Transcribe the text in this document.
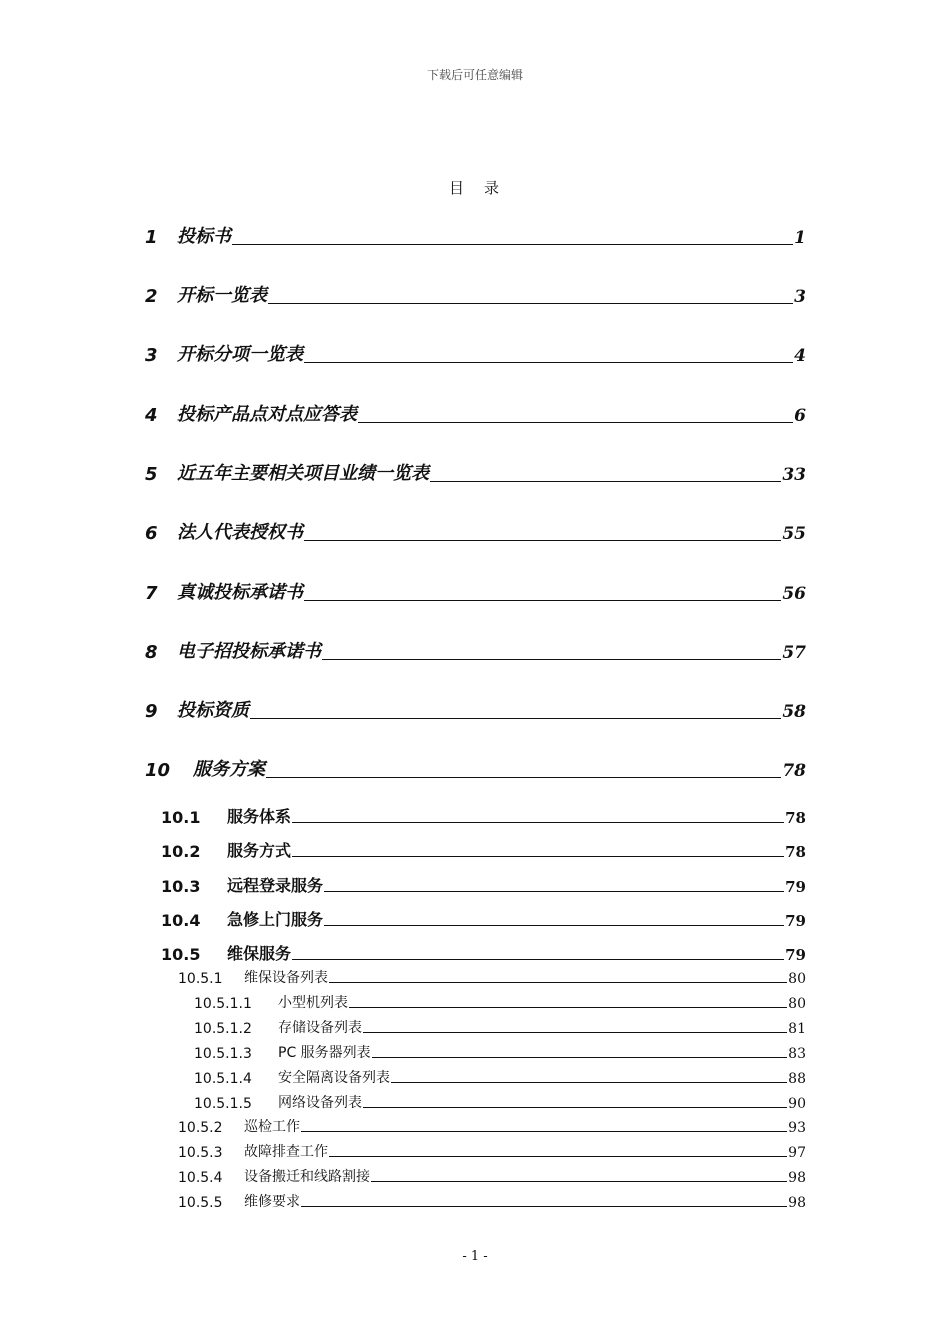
下载后可任意编辑
目 录
1	投标书	1
2	开标一览表	3
3	开标分项一览表	4
4	投标产品点对点应答表	6
5	近五年主要相关项目业绩一览表	33
6	法人代表授权书	55
7	真诚投标承诺书	56
8	电子招投标承诺书	57
9	投标资质	58
10	服务方案	78
10.1	服务体系	78
10.2	服务方式	78
10.3	远程登录服务	79
10.4	急修上门服务	79
10.5	维保服务	79
10.5.1	维保设备列表	80
10.5.1.1	小型机列表	80
10.5.1.2	存储设备列表	81
10.5.1.3	PC 服务器列表	83
10.5.1.4	安全隔离设备列表	88
10.5.1.5	网络设备列表	90
10.5.2	巡检工作	93
10.5.3	故障排查工作	97
10.5.4	设备搬迁和线路割接	98
10.5.5	维修要求	98
- 1 -
